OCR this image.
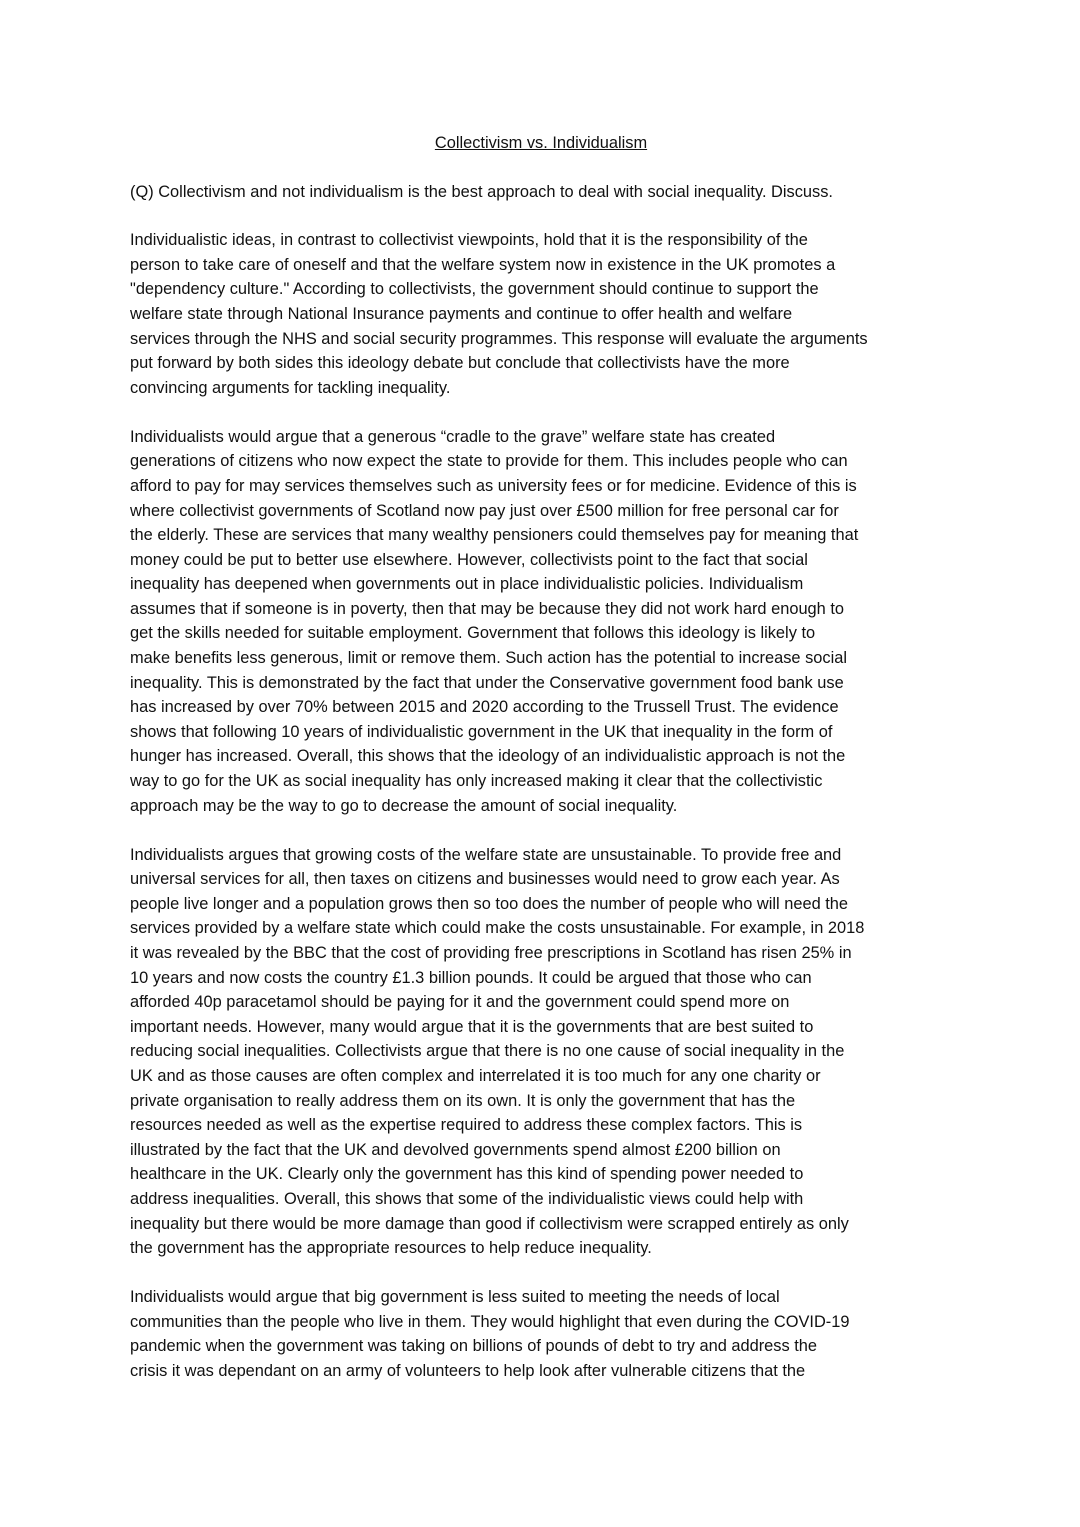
Collectivism vs. Individualism
(Q) Collectivism and not individualism is the best approach to deal with social inequality. Discuss.
Individualistic ideas, in contrast to collectivist viewpoints, hold that it is the responsibility of the
person to take care of oneself and that the welfare system now in existence in the UK promotes a
"dependency culture." According to collectivists, the government should continue to support the
welfare state through National Insurance payments and continue to offer health and welfare
services through the NHS and social security programmes. This response will evaluate the arguments
put forward by both sides this ideology debate but conclude that collectivists have the more
convincing arguments for tackling inequality.
Individualists would argue that a generous “cradle to the grave” welfare state has created
generations of citizens who now expect the state to provide for them. This includes people who can
afford to pay for may services themselves such as university fees or for medicine. Evidence of this is
where collectivist governments of Scotland now pay just over £500 million for free personal car for
the elderly. These are services that many wealthy pensioners could themselves pay for meaning that
money could be put to better use elsewhere. However, collectivists point to the fact that social
inequality has deepened when governments out in place individualistic policies. Individualism
assumes that if someone is in poverty, then that may be because they did not work hard enough to
get the skills needed for suitable employment. Government that follows this ideology is likely to
make benefits less generous, limit or remove them. Such action has the potential to increase social
inequality. This is demonstrated by the fact that under the Conservative government food bank use
has increased by over 70% between 2015 and 2020 according to the Trussell Trust. The evidence
shows that following 10 years of individualistic government in the UK that inequality in the form of
hunger has increased. Overall, this shows that the ideology of an individualistic approach is not the
way to go for the UK as social inequality has only increased making it clear that the collectivistic
approach may be the way to go to decrease the amount of social inequality.
Individualists argues that growing costs of the welfare state are unsustainable. To provide free and
universal services for all, then taxes on citizens and businesses would need to grow each year. As
people live longer and a population grows then so too does the number of people who will need the
services provided by a welfare state which could make the costs unsustainable. For example, in 2018
it was revealed by the BBC that the cost of providing free prescriptions in Scotland has risen 25% in
10 years and now costs the country £1.3 billion pounds. It could be argued that those who can
afforded 40p paracetamol should be paying for it and the government could spend more on
important needs. However, many would argue that it is the governments that are best suited to
reducing social inequalities. Collectivists argue that there is no one cause of social inequality in the
UK and as those causes are often complex and interrelated it is too much for any one charity or
private organisation to really address them on its own. It is only the government that has the
resources needed as well as the expertise required to address these complex factors. This is
illustrated by the fact that the UK and devolved governments spend almost £200 billion on
healthcare in the UK. Clearly only the government has this kind of spending power needed to
address inequalities. Overall, this shows that some of the individualistic views could help with
inequality but there would be more damage than good if collectivism were scrapped entirely as only
the government has the appropriate resources to help reduce inequality.
Individualists would argue that big government is less suited to meeting the needs of local
communities than the people who live in them. They would highlight that even during the COVID-19
pandemic when the government was taking on billions of pounds of debt to try and address the
crisis it was dependant on an army of volunteers to help look after vulnerable citizens that the
